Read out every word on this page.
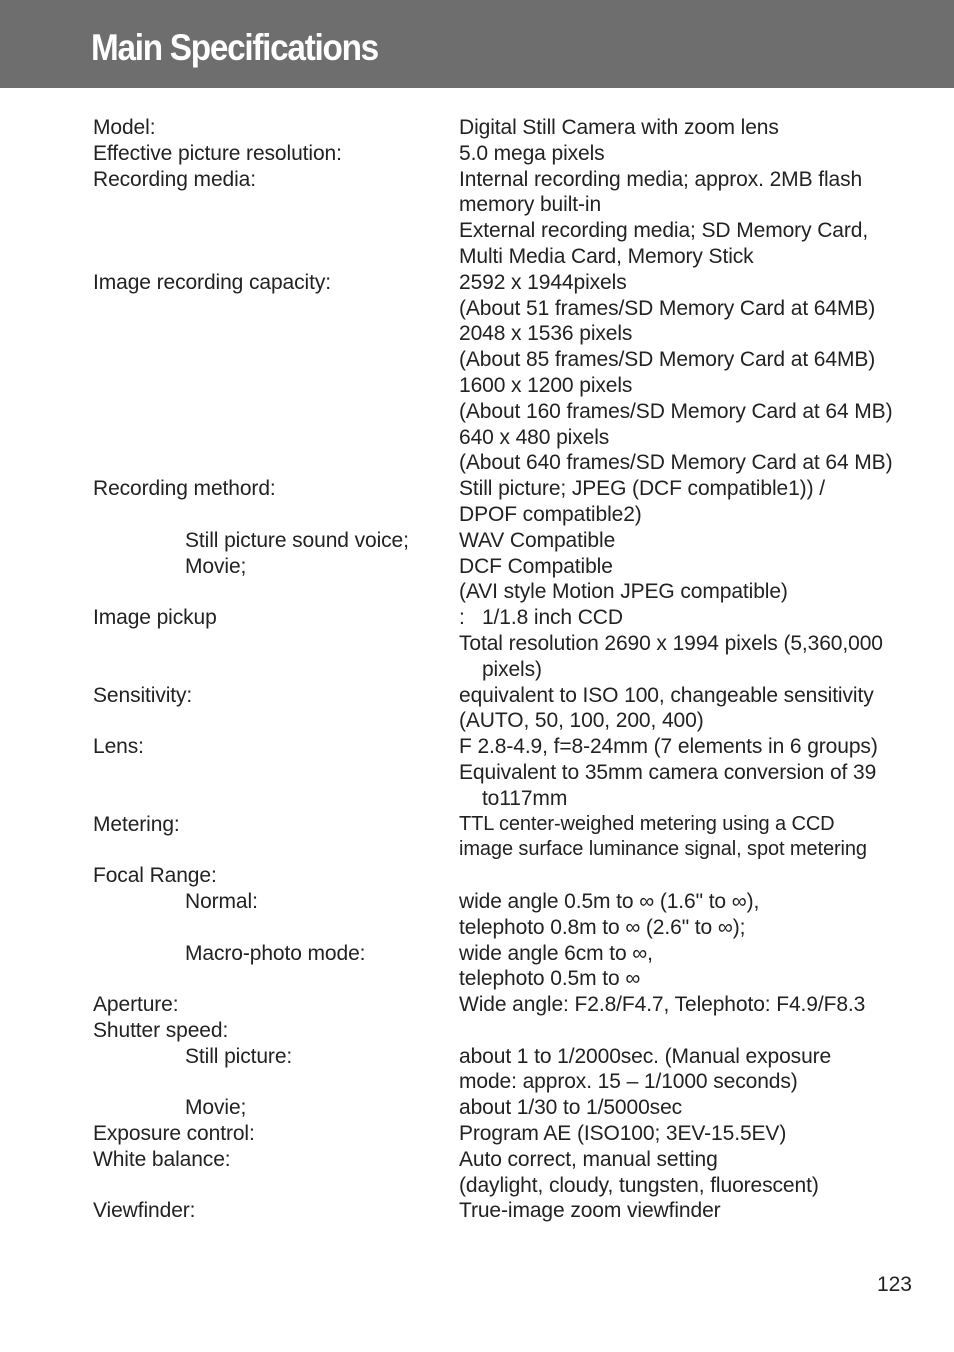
Main Specifications
Model:	Digital Still Camera with zoom lens
Effective picture resolution:	5.0 mega pixels
Recording media:	Internal recording media; approx. 2MB flash
memory built-in
External recording media; SD Memory Card,
Multi Media Card, Memory Stick
Image recording capacity:	2592 x 1944pixels
(About 51 frames/SD Memory Card at 64MB)
2048 x 1536 pixels
(About 85 frames/SD Memory Card at 64MB)
1600 x 1200 pixels
(About 160 frames/SD Memory Card at 64 MB)
640 x 480 pixels
(About 640 frames/SD Memory Card at 64 MB)
Recording methord:	Still picture; JPEG (DCF compatible1)) /
DPOF compatible2)
Still picture sound voice;	WAV Compatible
Movie;	DCF Compatible
(AVI style Motion JPEG compatible)
Image pickup	:   1/1.8 inch CCD
Total resolution 2690 x 1994 pixels (5,360,000
pixels)
Sensitivity:	equivalent to ISO 100, changeable sensitivity
(AUTO, 50, 100, 200, 400)
Lens:	F 2.8-4.9, f=8-24mm (7 elements in 6 groups)
Equivalent to 35mm camera conversion of 39
to117mm
Metering:	TTL center-weighed metering using a CCD
image surface luminance signal, spot metering
Focal Range:
Normal:	wide angle 0.5m to ∞ (1.6" to ∞),
telephoto 0.8m to ∞ (2.6" to ∞);
Macro-photo mode:	wide angle 6cm to ∞,
telephoto 0.5m to ∞
Aperture:	Wide angle: F2.8/F4.7, Telephoto: F4.9/F8.3
Shutter speed:
Still picture:	about 1 to 1/2000sec. (Manual exposure
mode: approx. 15 – 1/1000 seconds)
Movie;	about 1/30 to 1/5000sec
Exposure control:	Program AE (ISO100; 3EV-15.5EV)
White balance:	Auto correct, manual setting
(daylight, cloudy, tungsten, fluorescent)
Viewfinder:	True-image zoom viewfinder
123
